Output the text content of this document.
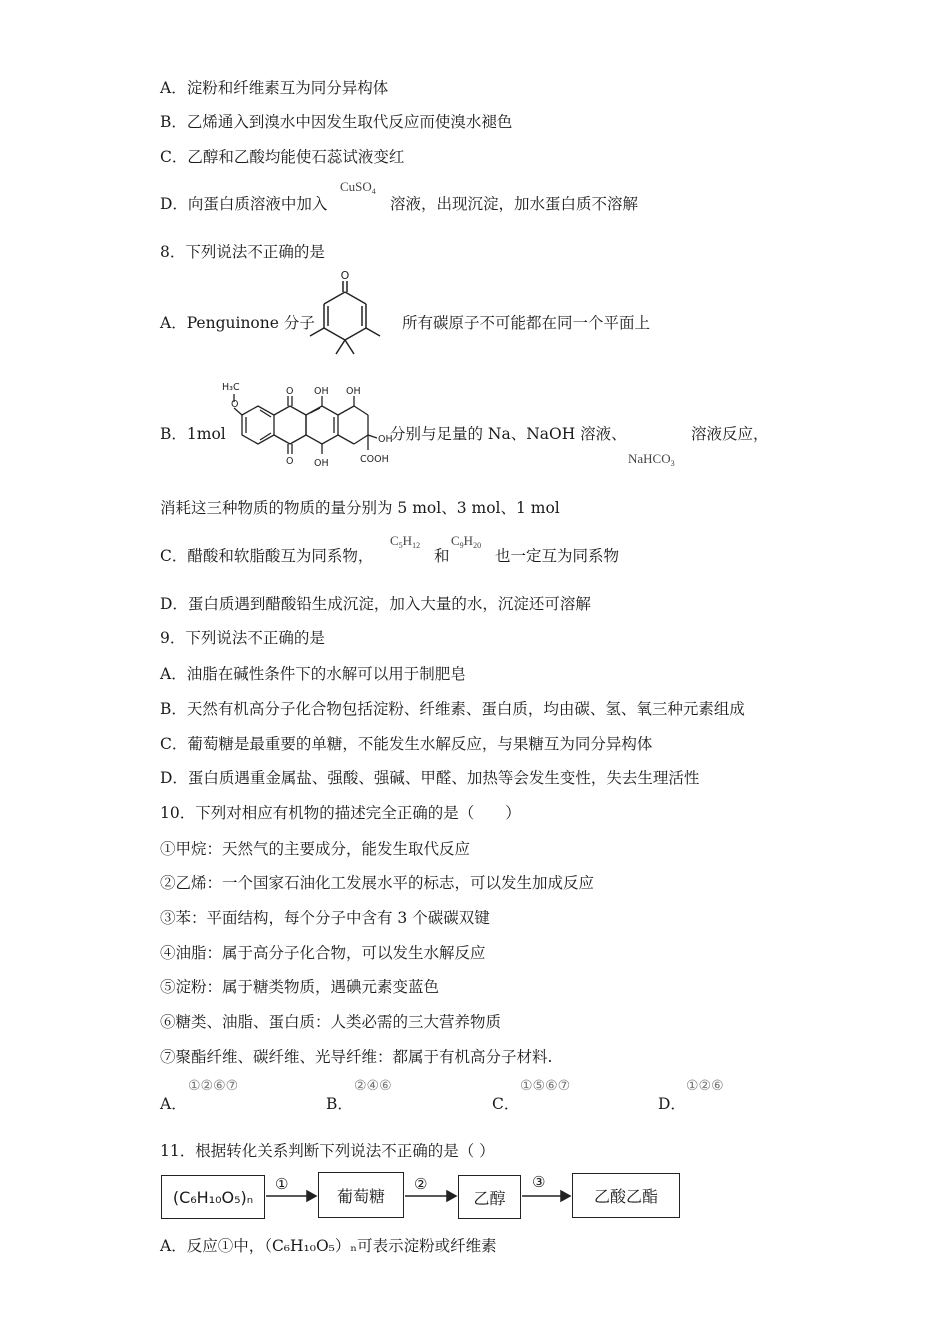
A．淀粉和纤维素互为同分异构体
B．乙烯通入到溴水中因发生取代反应而使溴水褪色
C．乙醇和乙酸均能使石蕊试液变红
D．向蛋白质溶液中加入
CuSO$_4$
溶液，出现沉淀，加水蛋白质不溶解
8．下列说法不正确的是
A．Penguinone 分子
O
所有碳原子不可能都在同一个平面上
B．1mol
H₃C
O
O
O
OH OH
OH
OH	COOH
分别与足量的 Na、NaOH 溶液、	溶液反应，
NaHCO$_3$
消耗这三种物质的物质的量分别为 5 mol、3 mol、1 mol
C．醋酸和软脂酸互为同系物，
$C_5H_{12}$
和
$C_9H_{20}$
也一定互为同系物
D．蛋白质遇到醋酸铅生成沉淀，加入大量的水，沉淀还可溶解
9．下列说法不正确的是
A．油脂在碱性条件下的水解可以用于制肥皂
B．天然有机高分子化合物包括淀粉、纤维素、蛋白质，均由碳、氢、氧三种元素组成
C．葡萄糖是最重要的单糖，不能发生水解反应，与果糖互为同分异构体
D．蛋白质遇重金属盐、强酸、强碱、甲醛、加热等会发生变性，失去生理活性
10．下列对相应有机物的描述完全正确的是（　　）
①甲烷：天然气的主要成分，能发生取代反应
②乙烯：一个国家石油化工发展水平的标志，可以发生加成反应
③苯：平面结构，每个分子中含有 3 个碳碳双键
④油脂：属于高分子化合物，可以发生水解反应
⑤淀粉：属于糖类物质，遇碘元素变蓝色
⑥糖类、油脂、蛋白质：人类必需的三大营养物质
⑦聚酯纤维、碳纤维、光导纤维：都属于有机高分子材料.
A．
①②⑥⑦
B．
②④⑥
C．
①⑤⑥⑦
D．
①②⑥
11．根据转化关系判断下列说法不正确的是（ ）
(C₆H₁₀O₅)ₙ	葡萄糖	乙醇	乙酸乙酯
①	②	③
A．反应①中，（C₆H₁₀O₅）ₙ可表示淀粉或纤维素
